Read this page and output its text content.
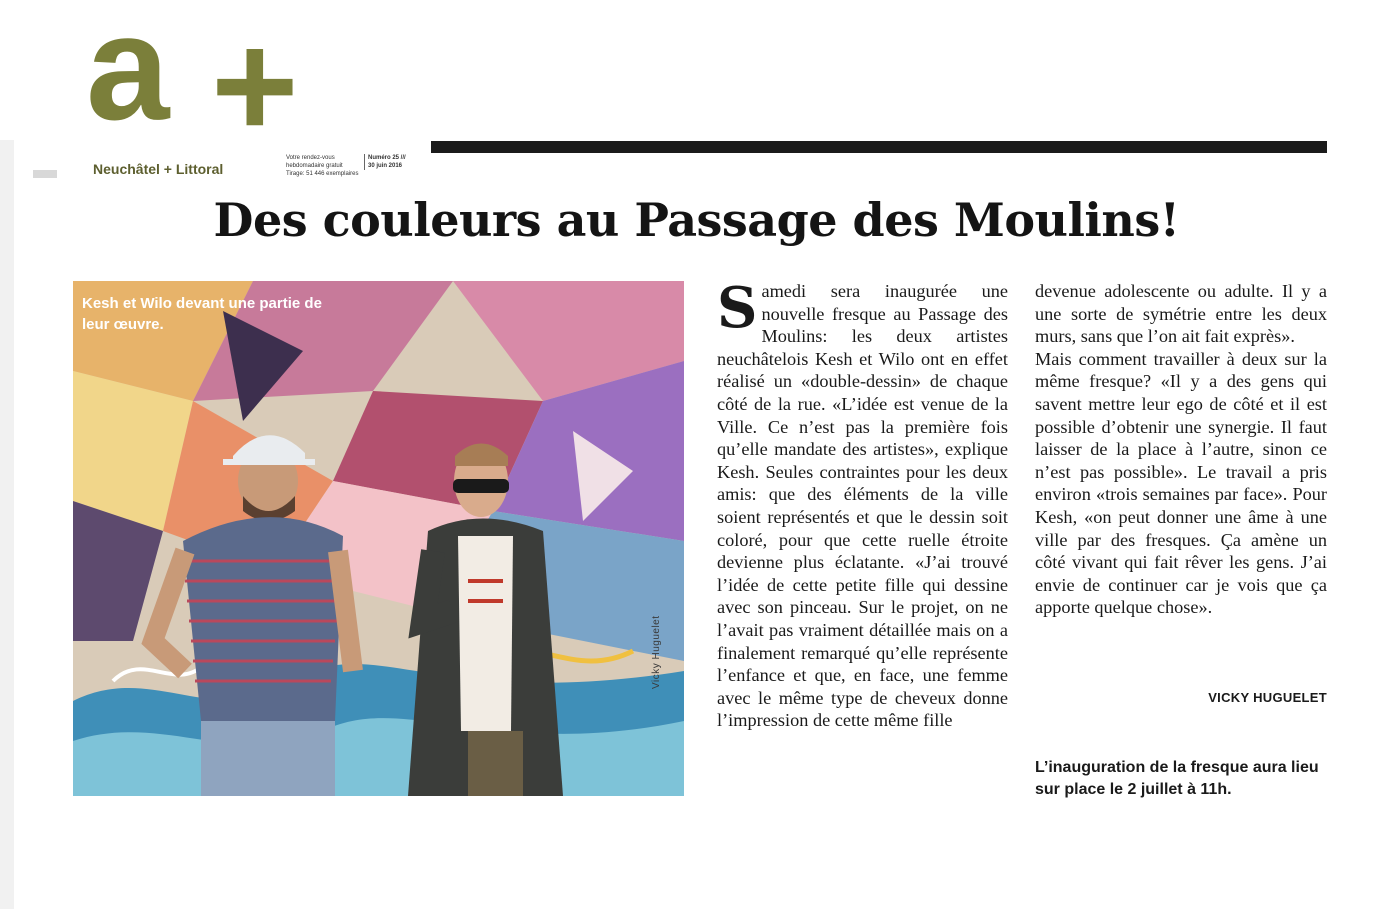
a +
Neuchâtel + Littoral
Votre rendez-vous
hebdomadaire gratuit
Tirage: 51 446 exemplaires
Numéro 25 ///
30 juin 2016
Des couleurs au Passage des Moulins!
Kesh et Wilo devant une partie de leur œuvre.
Vicky Huguelet
S amedi sera inaugurée une nouvelle fresque au Passage des Moulins: les deux artistes neuchâtelois Kesh et Wilo ont en effet réalisé un «double-dessin» de chaque côté de la rue. «L’idée est venue de la Ville. Ce n’est pas la première fois qu’elle mandate des artistes», explique Kesh. Seules contraintes pour les deux amis: que des éléments de la ville soient représentés et que le dessin soit coloré, pour que cette ruelle étroite devienne plus éclatante. «J’ai trouvé l’idée de cette petite fille qui dessine avec son pinceau. Sur le projet, on ne l’avait pas vraiment détaillée mais on a finalement remarqué qu’elle représente l’enfance et que, en face, une femme avec le même type de cheveux donne l’impression de cette même fille

devenue adolescente ou adulte. Il y a une sorte de symétrie entre les deux murs, sans que l’on ait fait exprès».

Mais comment travailler à deux sur la même fresque? «Il y a des gens qui savent mettre leur ego de côté et il est possible d’obtenir une synergie. Il faut laisser de la place à l’autre, sinon ce n’est pas possible». Le travail a pris environ «trois semaines par face». Pour Kesh, «on peut donner une âme à une ville par des fresques. Ça amène un côté vivant qui fait rêver les gens. J’ai envie de continuer car je vois que ça apporte quelque chose».

VICKY HUGUELET
L’inauguration de la fresque aura lieu sur place le 2 juillet à 11h.
